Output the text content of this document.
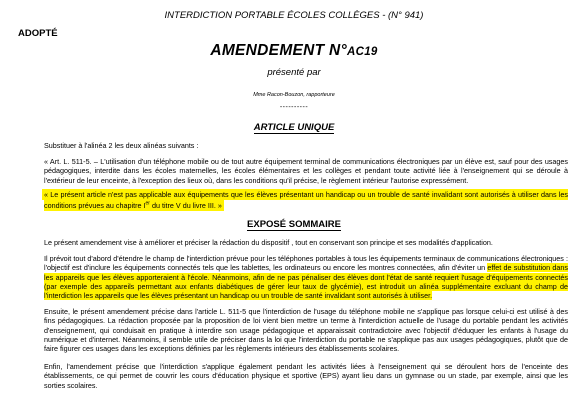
INTERDICTION PORTABLE ÉCOLES COLLÈGES - (N° 941)
ADOPTÉ
AMENDEMENT N°AC19
présenté par
Mme Racon-Bouzon, rapporteure
----------
ARTICLE UNIQUE
Substituer à l'alinéa 2 les deux alinéas suivants :
« Art. L. 511-5. – L'utilisation d'un téléphone mobile ou de tout autre équipement terminal de communications électroniques par un élève est, sauf pour des usages pédagogiques, interdite dans les écoles maternelles, les écoles élémentaires et les collèges et pendant toute activité liée à l'enseignement qui se déroule à l'extérieur de leur enceinte, à l'exception des lieux où, dans les conditions qu'il précise, le règlement intérieur l'autorise expressément.
« Le présent article n'est pas applicable aux équipements que les élèves présentant un handicap ou un trouble de santé invalidant sont autorisés à utiliser dans les conditions prévues au chapitre Ier du titre V du livre III. »
EXPOSÉ SOMMAIRE
Le présent amendement vise à améliorer et préciser la rédaction du dispositif , tout en conservant son principe et ses modalités d'application.
Il prévoit tout d'abord d'étendre le champ de l'interdiction prévue pour les téléphones portables à tous les équipements terminaux de communications électroniques : l'objectif est d'inclure les équipements connectés tels que les tablettes, les ordinateurs ou encore les montres connectées, afin d'éviter un effet de substitution dans les appareils que les élèves apporteraient à l'école. Néanmoins, afin de ne pas pénaliser des élèves dont l'état de santé requiert l'usage d'équipements connectés (par exemple des appareils permettant aux enfants diabétiques de gérer leur taux de glycémie), est introduit un alinéa supplémentaire excluant du champ de l'interdiction les appareils que les élèves présentant un handicap ou un trouble de santé invalidant sont autorisés à utiliser.
Ensuite, le présent amendement précise dans l'article L. 511-5 que l'interdiction de l'usage du téléphone mobile ne s'applique pas lorsque celui-ci est utilisé à des fins pédagogiques. La rédaction proposée par la proposition de loi vient bien mettre un terme à l'interdiction actuelle de l'usage du portable pendant les activités d'enseignement, qui conduisait en pratique à interdire son usage pédagogique et apparaissait contradictoire avec l'objectif d'éduquer les enfants à l'usage du numérique et d'internet. Néanmoins, il semble utile de préciser dans la loi que l'interdiction du portable ne s'applique pas aux usages pédagogiques, plutôt que de faire figurer ces usages dans les exceptions définies par les règlements intérieurs des établissements scolaires.
Enfin, l'amendement précise que l'interdiction s'applique également pendant les activités liées à l'enseignement qui se déroulent hors de l'enceinte des établissements, ce qui permet de couvrir les cours d'éducation physique et sportive (EPS) ayant lieu dans un gymnase ou un stade, par exemple, ainsi que les sorties scolaires.
